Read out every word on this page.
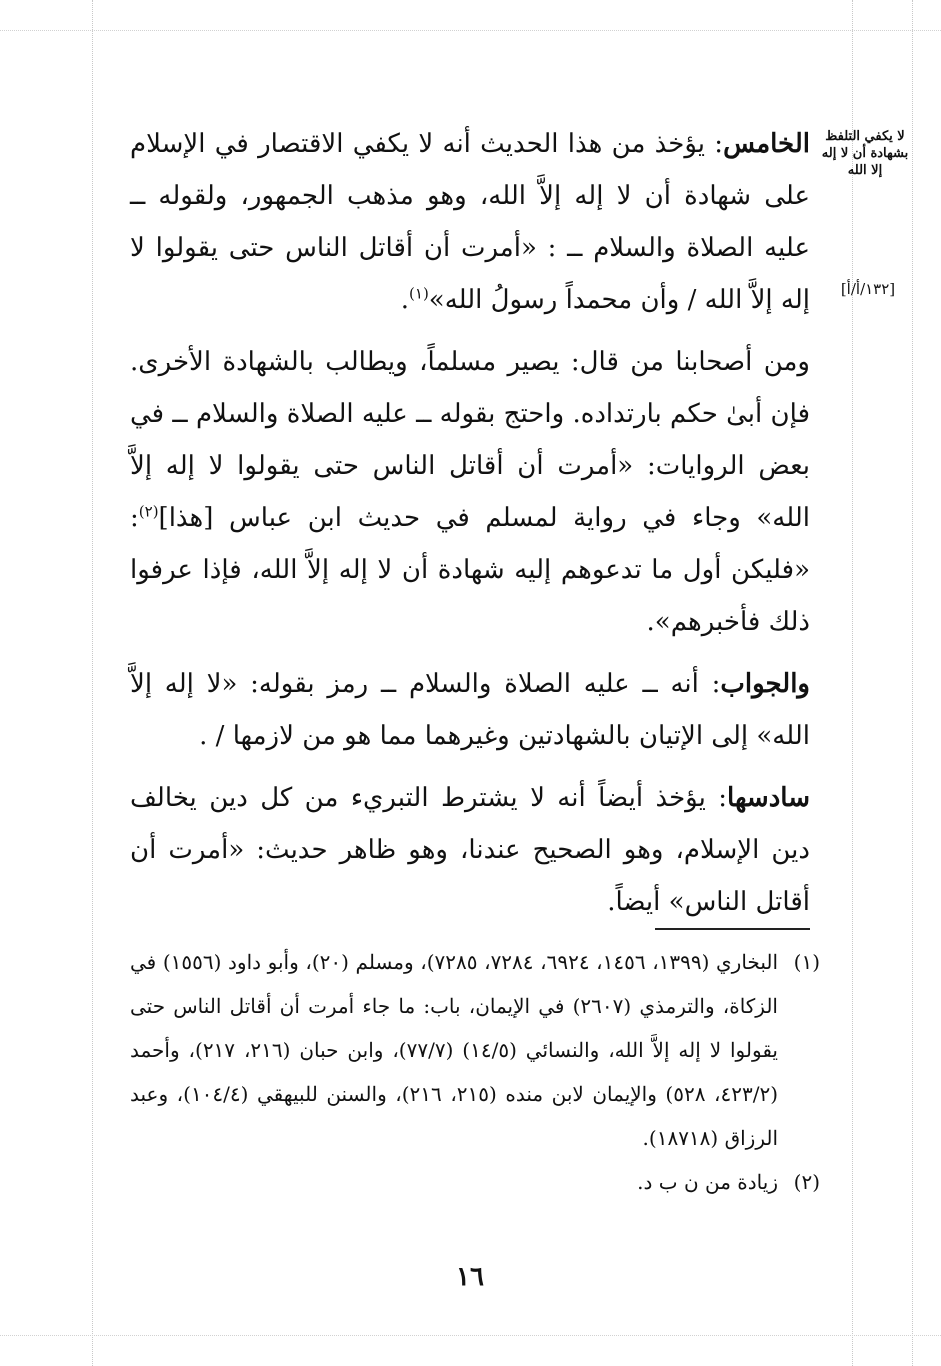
لا يكفي التلفظ بشهادة أن لا إله إلا الله
[١٣٢/أ/أ]

الخامس: يؤخذ من هذا الحديث أنه لا يكفي الاقتصار في الإسلام على شهادة أن لا إله إلاَّ الله، وهو مذهب الجمهور، ولقوله ــ عليه الصلاة والسلام ــ : «أمرت أن أقاتل الناس حتى يقولوا لا إله إلاَّ الله / وأن محمداً رسولُ الله»$^{(١)}$.

ومن أصحابنا من قال: يصير مسلماً، ويطالب بالشهادة الأخرى. فإن أبىٰ حكم بارتداده. واحتج بقوله ــ عليه الصلاة والسلام ــ في بعض الروايات: «أمرت أن أقاتل الناس حتى يقولوا لا إله إلاَّ الله» وجاء في رواية لمسلم في حديث ابن عباس [هذا]$^{(٢)}$: «فليكن أول ما تدعوهم إليه شهادة أن لا إله إلاَّ الله، فإذا عرفوا ذلك فأخبرهم».

والجواب: أنه ــ عليه الصلاة والسلام ــ رمز بقوله: «لا إله إلاَّ الله» إلى الإتيان بالشهادتين وغيرهما مما هو من لازمها / .

سادسها: يؤخذ أيضاً أنه لا يشترط التبريء من كل دين يخالف دين الإسلام، وهو الصحيح عندنا، وهو ظاهر حديث: «أمرت أن أقاتل الناس» أيضاً.

(١)
البخاري (١٣٩٩، ١٤٥٦، ٦٩٢٤، ٧٢٨٤، ٧٢٨٥)، ومسلم (٢٠)، وأبو داود (١٥٥٦) في الزكاة، والترمذي (٢٦٠٧) في الإيمان، باب: ما جاء أمرت أن أقاتل الناس حتى يقولوا لا إله إلاَّ الله، والنسائي (١٤/٥) (٧٧/٧)، وابن حبان (٢١٦، ٢١٧)، وأحمد (٤٢٣/٢، ٥٢٨) والإيمان لابن منده (٢١٥، ٢١٦)، والسنن للبيهقي (١٠٤/٤)، وعبد الرزاق (١٨٧١٨).
(٢)
زيادة من ن ب د.
١٦
